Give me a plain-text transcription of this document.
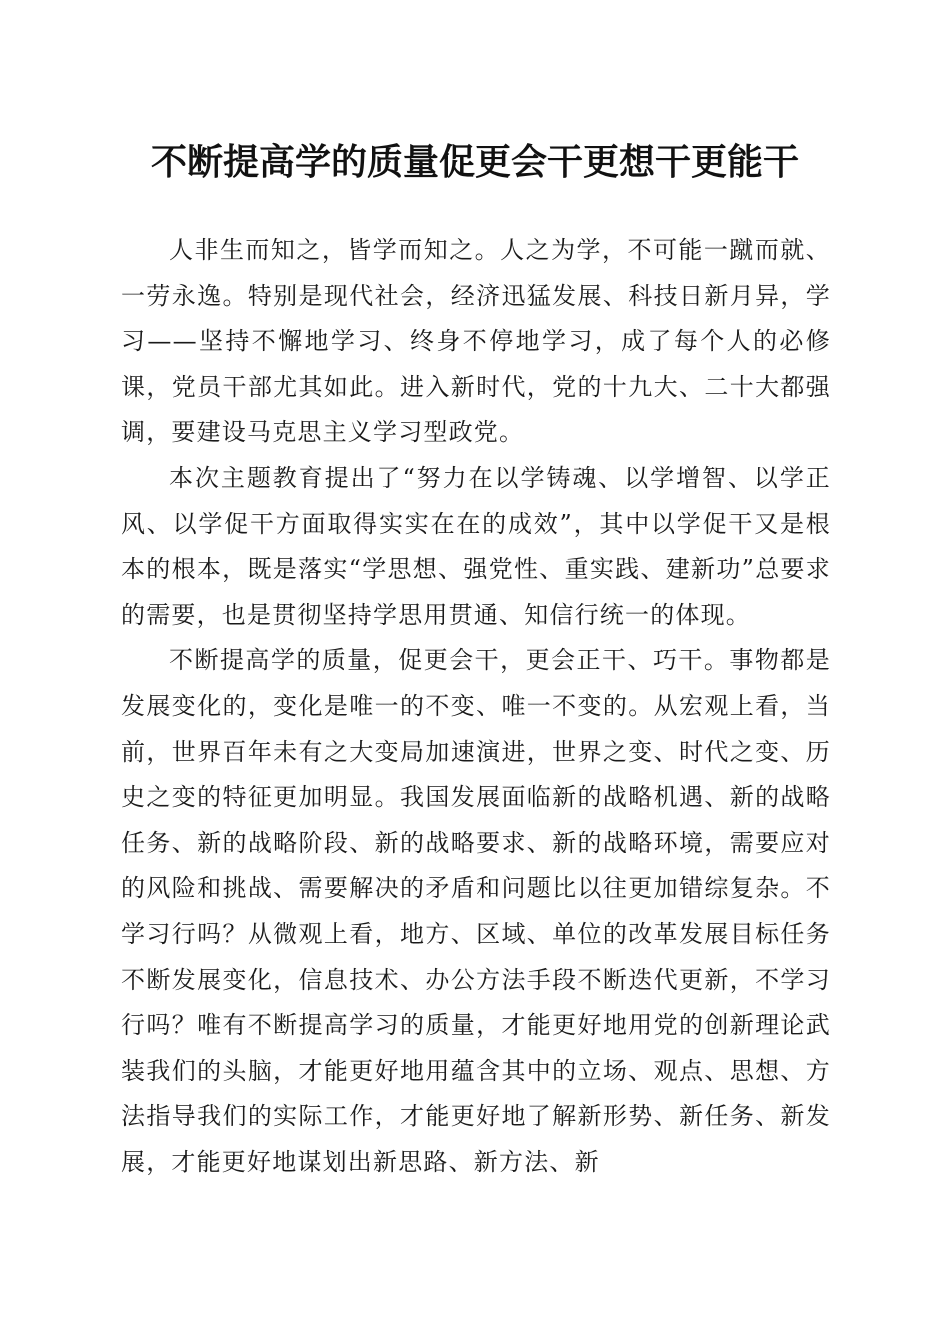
不断提高学的质量促更会干更想干更能干

人非生而知之，皆学而知之。人之为学，不可能一蹴而就、一劳永逸。特别是现代社会，经济迅猛发展、科技日新月异，学习——坚持不懈地学习、终身不停地学习，成了每个人的必修课，党员干部尤其如此。进入新时代，党的十九大、二十大都强调，要建设马克思主义学习型政党。

本次主题教育提出了“努力在以学铸魂、以学增智、以学正风、以学促干方面取得实实在在的成效”，其中以学促干又是根本的根本，既是落实“学思想、强党性、重实践、建新功”总要求的需要，也是贯彻坚持学思用贯通、知信行统一的体现。

不断提高学的质量，促更会干，更会正干、巧干。事物都是发展变化的，变化是唯一的不变、唯一不变的。从宏观上看，当前，世界百年未有之大变局加速演进，世界之变、时代之变、历史之变的特征更加明显。我国发展面临新的战略机遇、新的战略任务、新的战略阶段、新的战略要求、新的战略环境，需要应对的风险和挑战、需要解决的矛盾和问题比以往更加错综复杂。不学习行吗？从微观上看，地方、区域、单位的改革发展目标任务不断发展变化，信息技术、办公方法手段不断迭代更新，不学习行吗？唯有不断提高学习的质量，才能更好地用党的创新理论武装我们的头脑，才能更好地用蕴含其中的立场、观点、思想、方法指导我们的实际工作，才能更好地了解新形势、新任务、新发展，才能更好地谋划出新思路、新方法、新
